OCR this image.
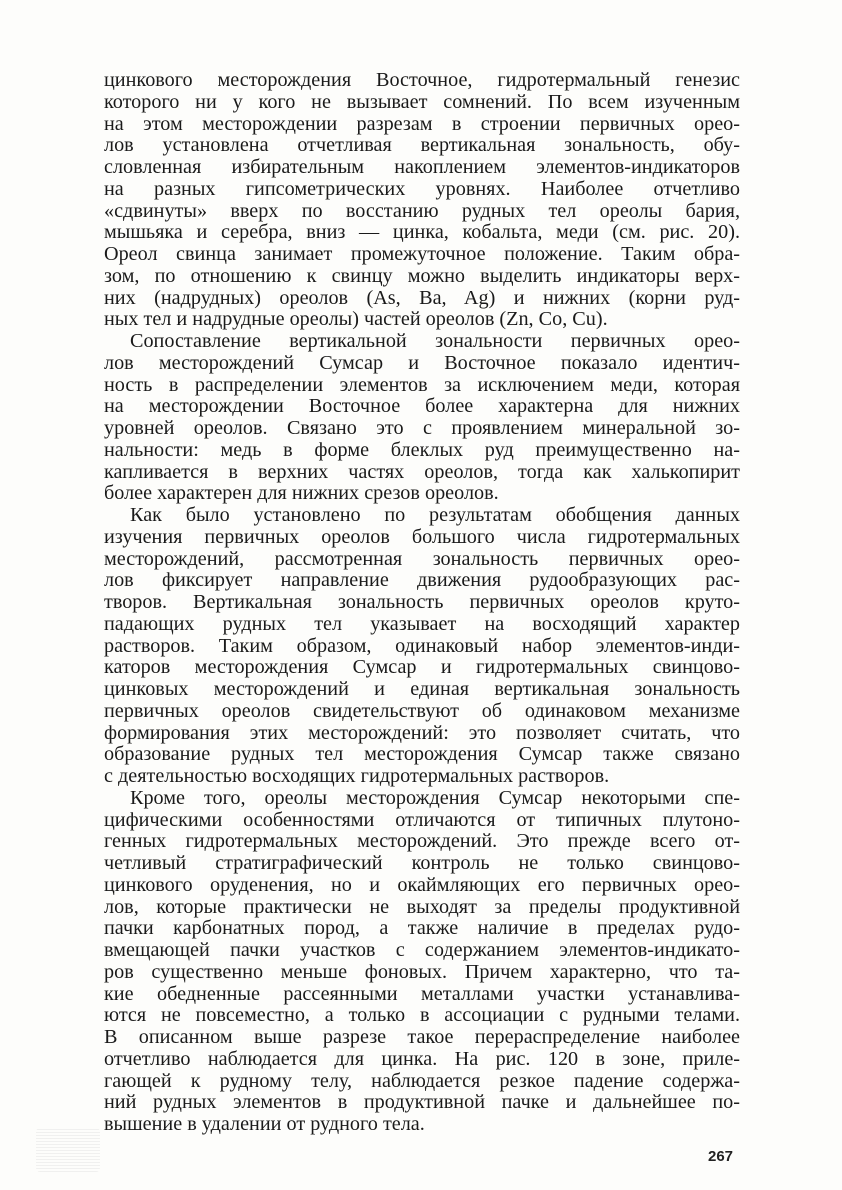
цинкового месторождения Восточное, гидротермальный генезис
которого ни у кого не вызывает сомнений. По всем изученным
на этом месторождении разрезам в строении первичных орео-
лов установлена отчетливая вертикальная зональность, обу-
словленная избирательным накоплением элементов-индикаторов
на разных гипсометрических уровнях. Наиболее отчетливо
«сдвинуты» вверх по восстанию рудных тел ореолы бария,
мышьяка и серебра, вниз — цинка, кобальта, меди (см. рис. 20).
Ореол свинца занимает промежуточное положение. Таким обра-
зом, по отношению к свинцу можно выделить индикаторы верх-
них (надрудных) ореолов (As, Ba, Ag) и нижних (корни руд-
ных тел и надрудные ореолы) частей ореолов (Zn, Co, Cu).
Сопоставление вертикальной зональности первичных орео-
лов месторождений Сумсар и Восточное показало идентич-
ность в распределении элементов за исключением меди, которая
на месторождении Восточное более характерна для нижних
уровней ореолов. Связано это с проявлением минеральной зо-
нальности: медь в форме блеклых руд преимущественно на-
капливается в верхних частях ореолов, тогда как халькопирит
более характерен для нижних срезов ореолов.
Как было установлено по результатам обобщения данных
изучения первичных ореолов большого числа гидротермальных
месторождений, рассмотренная зональность первичных орео-
лов фиксирует направление движения рудообразующих рас-
творов. Вертикальная зональность первичных ореолов круто-
падающих рудных тел указывает на восходящий характер
растворов. Таким образом, одинаковый набор элементов-инди-
каторов месторождения Сумсар и гидротермальных свинцово-
цинковых месторождений и единая вертикальная зональность
первичных ореолов свидетельствуют об одинаковом механизме
формирования этих месторождений: это позволяет считать, что
образование рудных тел месторождения Сумсар также связано
с деятельностью восходящих гидротермальных растворов.
Кроме того, ореолы месторождения Сумсар некоторыми спе-
цифическими особенностями отличаются от типичных плутоно-
генных гидротермальных месторождений. Это прежде всего от-
четливый стратиграфический контроль не только свинцово-
цинкового оруденения, но и окаймляющих его первичных орео-
лов, которые практически не выходят за пределы продуктивной
пачки карбонатных пород, а также наличие в пределах рудо-
вмещающей пачки участков с содержанием элементов-индикато-
ров существенно меньше фоновых. Причем характерно, что та-
кие обедненные рассеянными металлами участки устанавлива-
ются не повсеместно, а только в ассоциации с рудными телами.
В описанном выше разрезе такое перераспределение наиболее
отчетливо наблюдается для цинка. На рис. 120 в зоне, приле-
гающей к рудному телу, наблюдается резкое падение содержа-
ний рудных элементов в продуктивной пачке и дальнейшее по-
вышение в удалении от рудного тела.
267
